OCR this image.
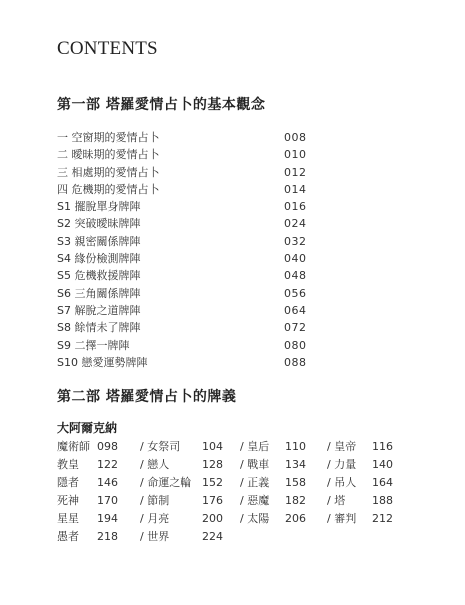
CONTENTS
第一部 塔羅愛情占卜的基本觀念
一 空窗期的愛情占卜	008
二 曖昧期的愛情占卜	010
三 相處期的愛情占卜	012
四 危機期的愛情占卜	014
S1 擺脫單身牌陣	016
S2 突破曖昧牌陣	024
S3 親密關係牌陣	032
S4 緣份檢測牌陣	040
S5 危機救援牌陣	048
S6 三角關係牌陣	056
S7 解脫之道牌陣	064
S8 餘情未了牌陣	072
S9 二擇一牌陣	080
S10 戀愛運勢牌陣	088
第二部 塔羅愛情占卜的牌義
大阿爾克納
魔術師 098 / 女祭司 104 / 皇后 110 / 皇帝 116
教皇 122 / 戀人	128 / 戰車 134 / 力量 140
隱者 146 / 命運之輪 152 / 正義 158 / 吊人 164
死神 170 / 節制	176 / 惡魔 182 / 塔 188
星星 194 / 月亮	200 / 太陽 206 / 審判 212
愚者 218 / 世界	224
